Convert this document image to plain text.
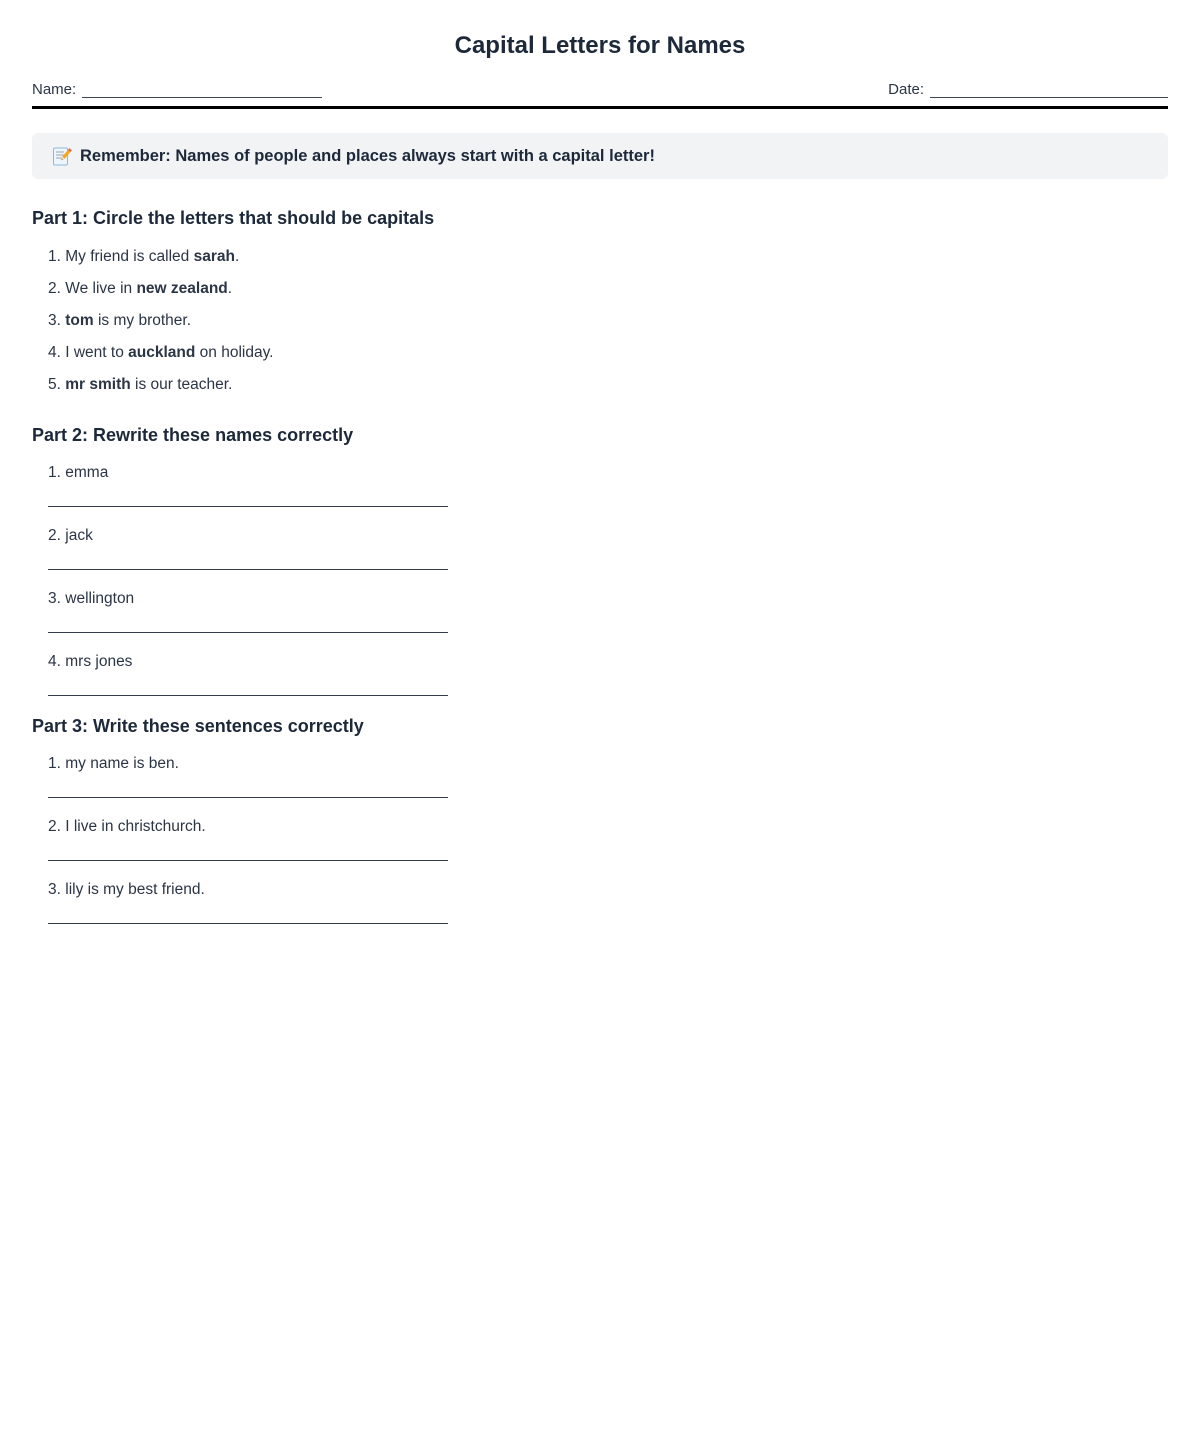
Capital Letters for Names
Name:	Date:
Remember: Names of people and places always start with a capital letter!
Part 1: Circle the letters that should be capitals
1. My friend is called sarah.
2. We live in new zealand.
3. tom is my brother.
4. I went to auckland on holiday.
5. mr smith is our teacher.
Part 2: Rewrite these names correctly
1. emma
2. jack
3. wellington
4. mrs jones
Part 3: Write these sentences correctly
1. my name is ben.
2. I live in christchurch.
3. lily is my best friend.
